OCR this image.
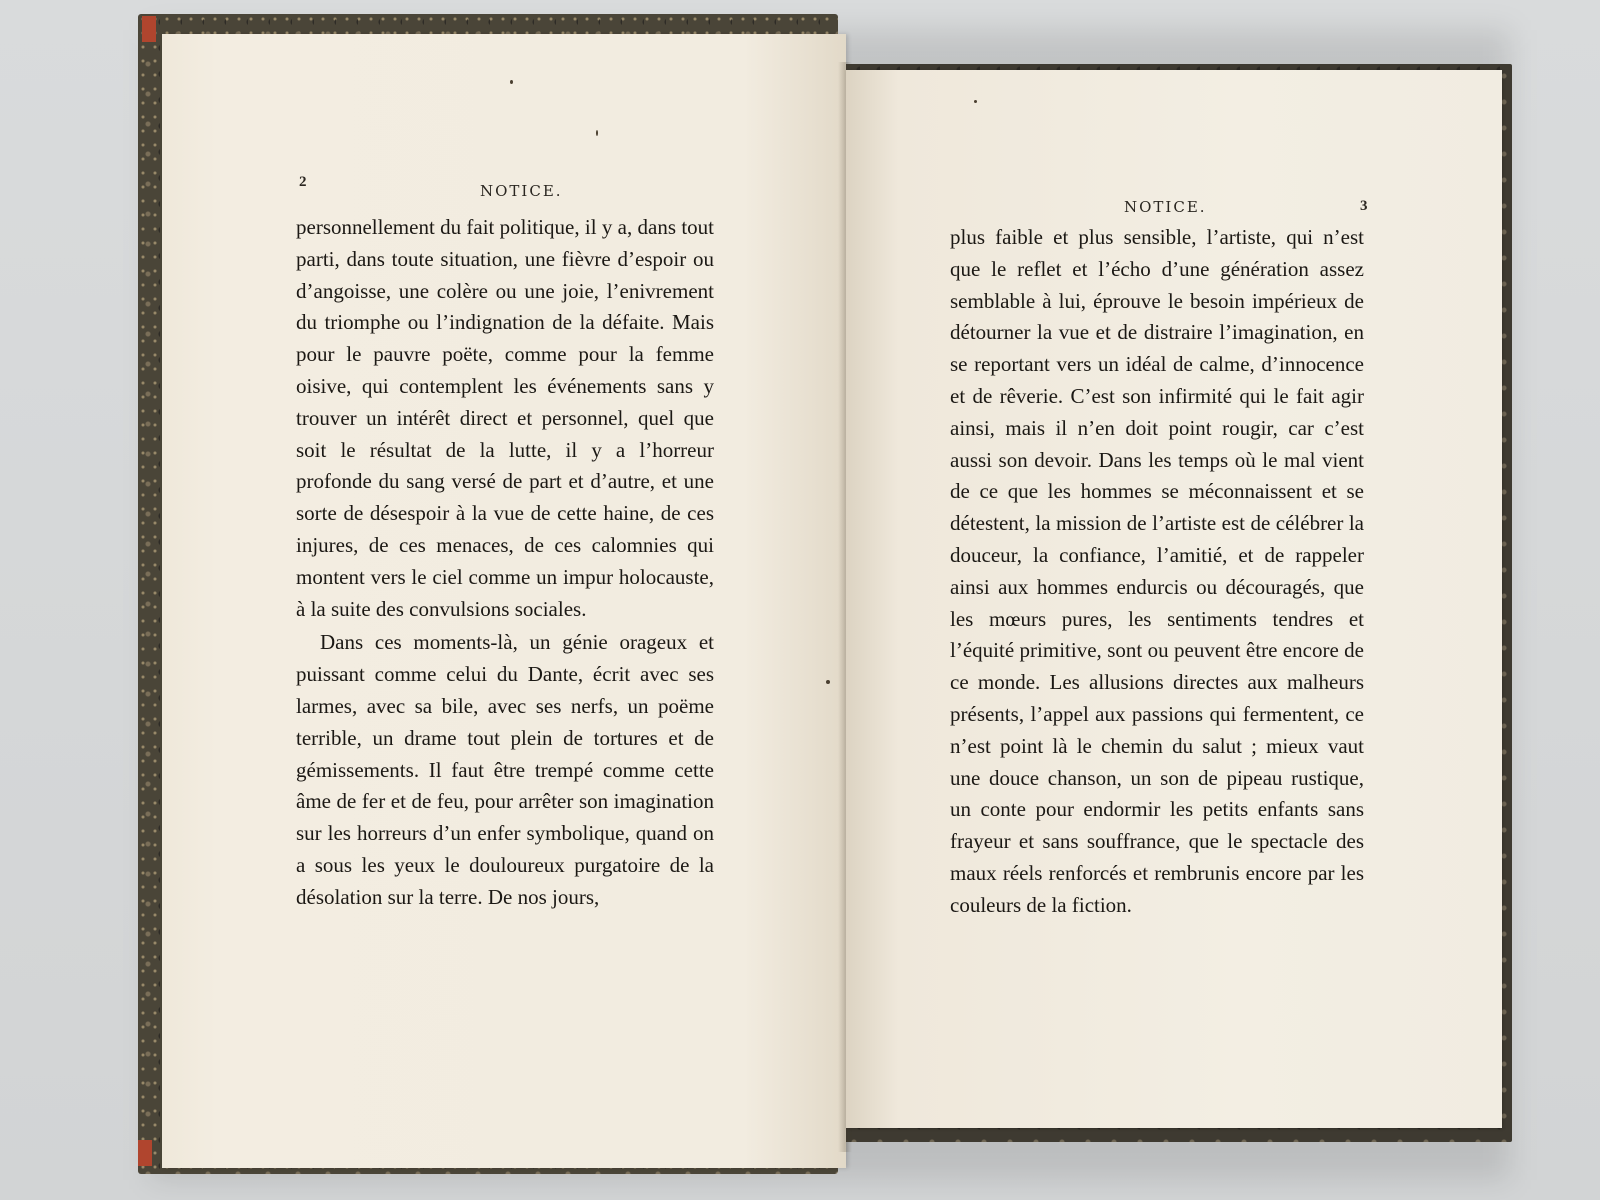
2	NOTICE.

personnellement du fait politique, il y a, dans tout parti, dans toute situation, une fièvre d’espoir ou d’angoisse, une colère ou une joie, l’enivrement du triomphe ou l’indignation de la défaite. Mais pour le pauvre poëte, comme pour la femme oisive, qui contemplent les événements sans y trouver un intérêt direct et personnel, quel que soit le résultat de la lutte, il y a l’horreur profonde du sang versé de part et d’autre, et une sorte de désespoir à la vue de cette haine, de ces injures, de ces menaces, de ces calomnies qui montent vers le ciel comme un impur holocauste, à la suite des convulsions sociales.

Dans ces moments-là, un génie orageux et puissant comme celui du Dante, écrit avec ses larmes, avec sa bile, avec ses nerfs, un poëme terrible, un drame tout plein de tortures et de gémissements. Il faut être trempé comme cette âme de fer et de feu, pour arrêter son imagination sur les horreurs d’un enfer symbolique, quand on a sous les yeux le douloureux purgatoire de la désolation sur la terre. De nos jours,

NOTICE.	3

plus faible et plus sensible, l’artiste, qui n’est que le reflet et l’écho d’une génération assez semblable à lui, éprouve le besoin impérieux de détourner la vue et de distraire l’imagination, en se reportant vers un idéal de calme, d’innocence et de rêverie. C’est son infirmité qui le fait agir ainsi, mais il n’en doit point rougir, car c’est aussi son devoir. Dans les temps où le mal vient de ce que les hommes se méconnaissent et se détestent, la mission de l’artiste est de célébrer la douceur, la confiance, l’amitié, et de rappeler ainsi aux hommes endurcis ou découragés, que les mœurs pures, les sentiments tendres et l’équité primitive, sont ou peuvent être encore de ce monde. Les allusions directes aux malheurs présents, l’appel aux passions qui fermentent, ce n’est point là le chemin du salut ; mieux vaut une douce chanson, un son de pipeau rustique, un conte pour endormir les petits enfants sans frayeur et sans souffrance, que le spectacle des maux réels renforcés et rembrunis encore par les couleurs de la fiction.
